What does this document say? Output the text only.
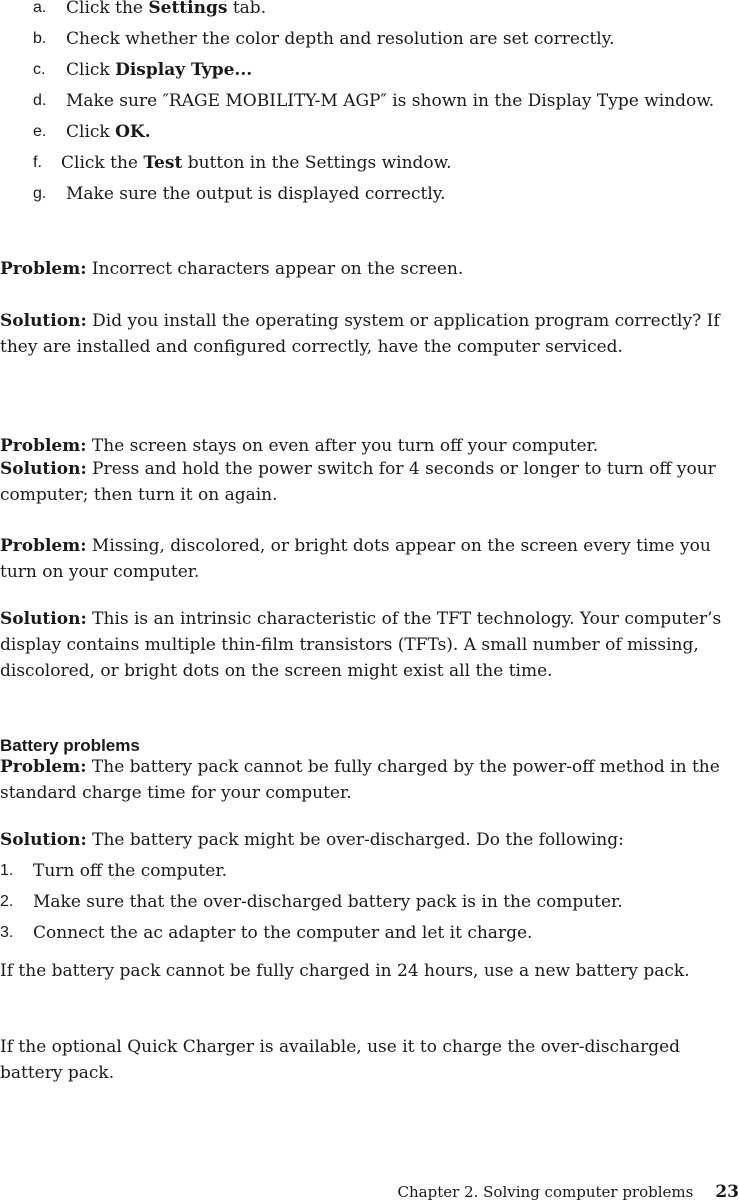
a. Click the Settings tab.
b. Check whether the color depth and resolution are set correctly.
c. Click Display Type...
d. Make sure ″RAGE MOBILITY-M AGP″ is shown in the Display Type window.
e. Click OK.
f. Click the Test button in the Settings window.
g. Make sure the output is displayed correctly.

Problem: Incorrect characters appear on the screen.

Solution: Did you install the operating system or application program correctly? If they are installed and configured correctly, have the computer serviced.

Problem: The screen stays on even after you turn off your computer.

Solution: Press and hold the power switch for 4 seconds or longer to turn off your computer; then turn it on again.

Problem: Missing, discolored, or bright dots appear on the screen every time you turn on your computer.

Solution: This is an intrinsic characteristic of the TFT technology. Your computer’s display contains multiple thin-film transistors (TFTs). A small number of missing, discolored, or bright dots on the screen might exist all the time.

Battery problems

Problem: The battery pack cannot be fully charged by the power-off method in the standard charge time for your computer.

Solution: The battery pack might be over-discharged. Do the following:

1. Turn off the computer.
2. Make sure that the over-discharged battery pack is in the computer.
3. Connect the ac adapter to the computer and let it charge.

If the battery pack cannot be fully charged in 24 hours, use a new battery pack.

If the optional Quick Charger is available, use it to charge the over-discharged battery pack.

Chapter 2. Solving computer problems 23
